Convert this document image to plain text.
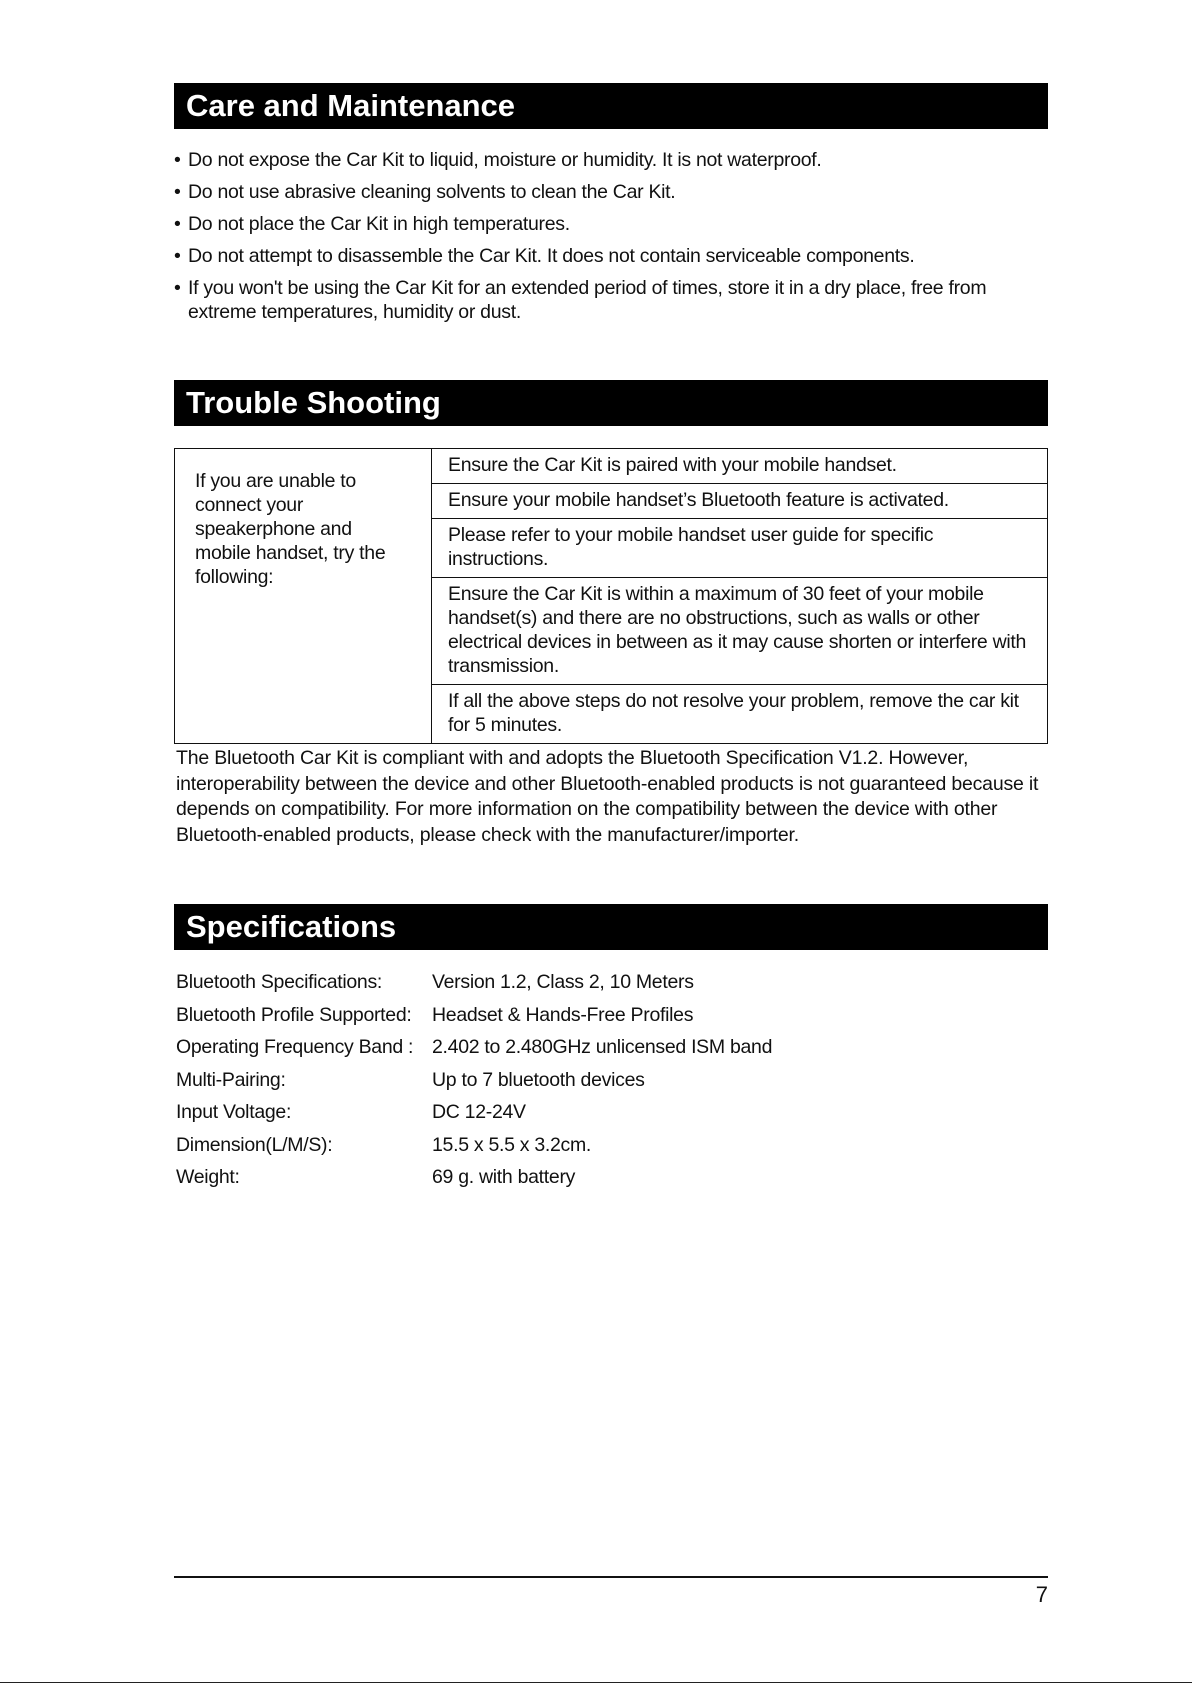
Care and Maintenance
• Do not expose the Car Kit to liquid, moisture or humidity. It is not waterproof.
• Do not use abrasive cleaning solvents to clean the Car Kit.
• Do not place the Car Kit in high temperatures.
• Do not attempt to disassemble the Car Kit. It does not contain serviceable components.
• If you won't be using the Car Kit for an extended period of times, store it in a dry place, free from extreme temperatures, humidity or dust.
Trouble Shooting
If you are unable to connect your speakerphone and mobile handset, try the following:
Ensure the Car Kit is paired with your mobile handset.
Ensure your mobile handset’s Bluetooth feature is activated.
Please refer to your mobile handset user guide for specific instructions.
Ensure the Car Kit is within a maximum of 30 feet of your mobile handset(s) and there are no obstructions, such as walls or other electrical devices in between as it may cause shorten or interfere with transmission.
If all the above steps do not resolve your problem, remove the car kit for 5 minutes.

The Bluetooth Car Kit is compliant with and adopts the Bluetooth Specification V1.2. However, interoperability between the device and other Bluetooth-enabled products is not guaranteed because it depends on compatibility. For more information on the compatibility between the device with other Bluetooth-enabled products, please check with the manufacturer/importer.

Specifications
Bluetooth Specifications:	Version 1.2, Class 2, 10 Meters
Bluetooth Profile Supported:	Headset & Hands-Free Profiles
Operating Frequency Band : 2.402 to 2.480GHz unlicensed ISM band
Multi-Pairing:	Up to 7 bluetooth devices
Input Voltage:	DC 12-24V
Dimension(L/M/S):	15.5 x 5.5 x 3.2cm.
Weight:	69 g. with battery
7
